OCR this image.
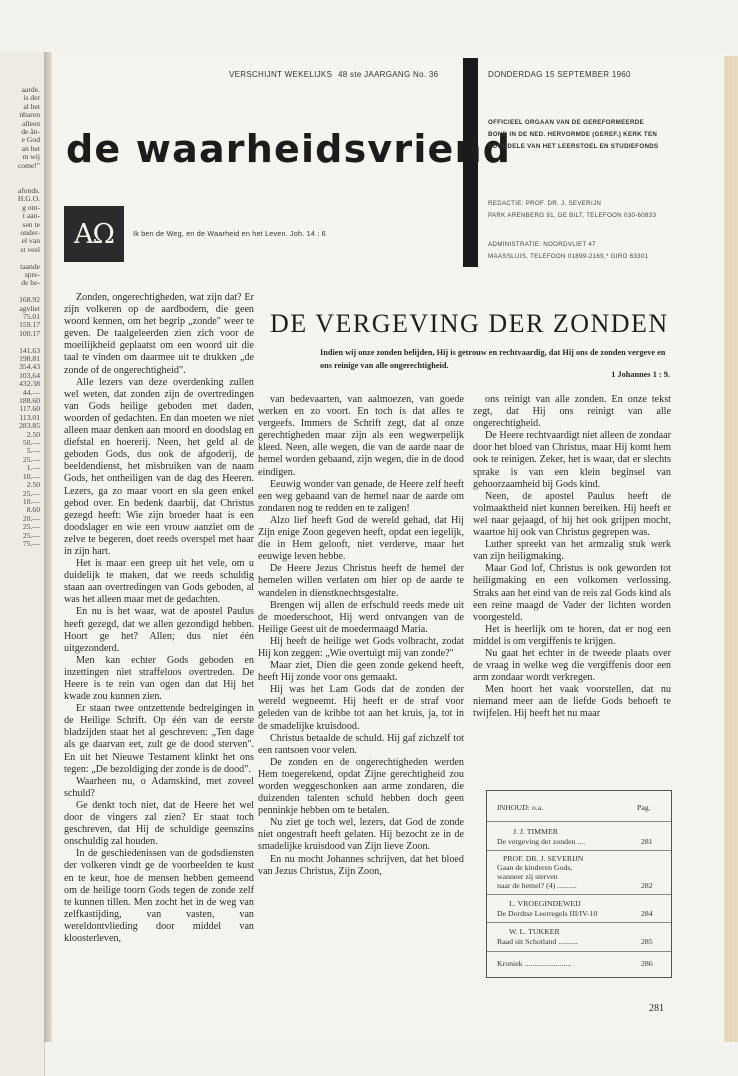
aarde.
is der
al het
nbaren
alleen
de ån-
e God
an het
m wij
come!"

afonds.
H.G.O.
g ont-
t aan-
sen te
onder-
el van
st veel

taande
spre-
de be-

168.92
agvliet
75.01
159.17
100.17

141.63
198.81
354.43
103,64
432.38
44.—
188.60
117.60
113.01
283.85
2.50
50.—
5.—
25.—
1.—
10.—
2.50
25.—
10.—
8.60
20.—
25.—
25.—
75.—
VERSCHIJNT WEKELIJKS 48 ste JAARGANG No. 36	DONDERDAG 15 SEPTEMBER 1960
de waarheidsvriend
OFFICIEEL ORGAAN VAN DE GEREFORMEERDE
BOND IN DE NED. HERVORMDE (GEREF.) KERK TEN
VOORDELE VAN HET LEERSTOEL EN STUDIEFONDS
REDACTIE: PROF. DR. J. SEVERIJN
PARK ARENBERG 91, DE BILT, TELEFOON 030-60833
ADMINISTRATIE: NOORDVLIET 47
MAASSLUIS, TELEFOON 01899-2169,* GIRO 63301
ΑΩ	Ik ben de Weg, en de Waarheid en het Leven. Joh. 14 : 6
DE VERGEVING DER ZONDEN
Indien wij onze zonden belijden, Hij is getrouw en rechtvaardig, dat Hij ons de zonden vergeve en ons reinige van alle ongerechtigheid.
1 Johannes 1 : 9.

Zonden, ongerechtigheden, wat zijn dat? Er zijn volkeren op de aardbodem, die geen woord kennen, om het begrip „zonde" weer te geven. De taalgeleerden zien zich voor de moeilijkheid geplaatst om een woord uit die taal te vinden om daarmee uit te drukken „de zonde of de ongerechtigheid".

Alle lezers van deze overdenking zullen wel weten, dat zonden zijn de overtredingen van Gods heilige geboden met daden, woorden of gedachten. En dan moeten we niet alleen maar denken aan moord en doodslag en diefstal en hoererij. Neen, het geld al de geboden Gods, dus ook de afgoderij, de beeldendienst, het misbruiken van de naam Gods, het ontheiligen van de dag des Heeren. Lezers, ga zo maar voort en sla geen enkel gebod over. En bedenk daarbij, dat Christus gezegd heeft: Wie zijn broeder haat is een doodslager en wie een vrouw aanziet om de zelve te begeren, doet reeds overspel met haar in zijn hart.

Het is maar een greep uit het vele, om u duidelijk te maken, dat we reeds schuldig staan aan overtredingen van Gods geboden, al was het alleen maar met de gedachten.

En nu is het waar, wat de apostel Paulus heeft gezegd, dat we allen gezondigd hebben. Hoort ge het? Allen; dus niet één uitgezonderd.

Men kan echter Gods geboden en inzettingen niet straffeloos overtreden. De Heere is te rein van ogen dan dat Hij het kwade zou kunnen zien.

Er staan twee ontzettende bedreigingen in de Heilige Schrift. Op één van de eerste bladzijden staat het al geschreven: „Ten dage als ge daarvan eet, zult ge de dood sterven". En uit het Nieuwe Testament klinkt het ons tegen: „De bezoldiging der zonde is de dood".

Waarheen nu, o Adamskind, met zoveel schuld?

Ge denkt toch niet, dat de Heere het wel door de vingers zal zien? Er staat toch geschreven, dat Hij de schuldige geenszins onschuldig zal houden.

In de geschiedenissen van de godsdiensten der volkeren vindt ge de voorbeelden te kust en te keur, hoe de mensen hebben gemeend om de heilige toorn Gods tegen de zonde zelf te kunnen tillen. Men zocht het in de weg van zelfkastijding, van vasten, van wereldontvlieding door middel van kloosterleven,

van bedevaarten, van aalmoezen, van goede werken en zo voort. En toch is dat alles te vergeefs. Immers de Schrift zegt, dat al onze gerechtigheden maar zijn als een wegwerpelijk kleed. Neen, alle wegen, die van de aarde naar de hemel worden gebaand, zijn wegen, die in de dood eindigen.

Eeuwig wonder van genade, de Heere zelf heeft een weg gebaand van de hemel naar de aarde om zondaren nog te redden en te zaligen!

Alzo lief heeft God de wereld gehad, dat Hij Zijn enige Zoon gegeven heeft, opdat een iegelijk, die in Hem gelooft, niet verderve, maar het eeuwige leven hebbe.

De Heere Jezus Christus heeft de hemel der hemelen willen verlaten om hier op de aarde te wandelen in dienstknechtsgestalte.

Brengen wij allen de erfschuld reeds mede uit de moederschoot, Hij werd ontvangen van de Heilige Geest uit de moedermaagd Maria.

Hij heeft de heilige wet Gods volbracht, zodat Hij kon zeggen: „Wie overtuigt mij van zonde?"

Maar ziet, Dien die geen zonde gekend heeft, heeft Hij zonde voor ons gemaakt.

Hij was het Lam Gods dat de zonden der wereld wegneemt. Hij heeft er de straf voor geleden van de kribbe tot aan het kruis, ja, tot in de smadelijke kruisdood.

Christus betaalde de schuld. Hij gaf zichzelf tot een rantsoen voor velen.

De zonden en de ongerechtigheden werden Hem toegerekend, opdat Zijne gerechtigheid zou worden weggeschonken aan arme zondaren, die duizenden talenten schuld hebben doch geen penninkje hebben om te betalen.

Nu ziet ge toch wel, lezers, dat God de zonde niet ongestraft heeft gelaten. Hij bezocht ze in de smadelijke kruisdood van Zijn lieve Zoon.

En nu mocht Johannes schrijven, dat het bloed van Jezus Christus, Zijn Zoon,

ons reinigt van alle zonden. En onze tekst zegt, dat Hij ons reinigt van alle ongerechtigheid.

De Heere rechtvaardigt niet alleen de zondaar door het bloed van Christus, maar Hij komt hem ook te reinigen. Zeker, het is waar, dat er slechts sprake is van een klein beginsel van gehoorzaamheid bij Gods kind.

Neen, de apostel Paulus heeft de volmaaktheid niet kunnen bereiken. Hij heeft er wel naar gejaagd, of hij het ook grijpen mocht, waartoe hij ook van Christus gegrepen was.

Luther spreekt van het armzalig stuk werk van zijn heiligmaking.

Maar God lof, Christus is ook geworden tot heiligmaking en een volkomen verlossing. Straks aan het eind van de reis zal Gods kind als een reine maagd de Vader der lichten worden voorgesteld.

Het is heerlijk om te horen, dat er nog een middel is om vergiffenis te krijgen.

Nu gaat het echter in de tweede plaats over de vraag in welke weg die vergiffenis door een arm zondaar wordt verkregen.

Men hoort het vaak voorstellen, dat nu niemand meer aan de liefde Gods behoeft te twijfelen. Hij heeft het nu maar

INHOUD: o.a.	Pag.
J. J. TIMMER
De vergeving der zonden ....	281
PROF. DR. J. SEVERIJN
Gaan de kinderen Gods,
wanneer zij sterven
naar de hemel? (4) ..........	282
L. VROEGINDEWEIJ
De Dordtse Leerregels III/IV-10	284
W. L. TUKKER
Raad uit Schotland ..........	285
Kroniek ........................	286
281
